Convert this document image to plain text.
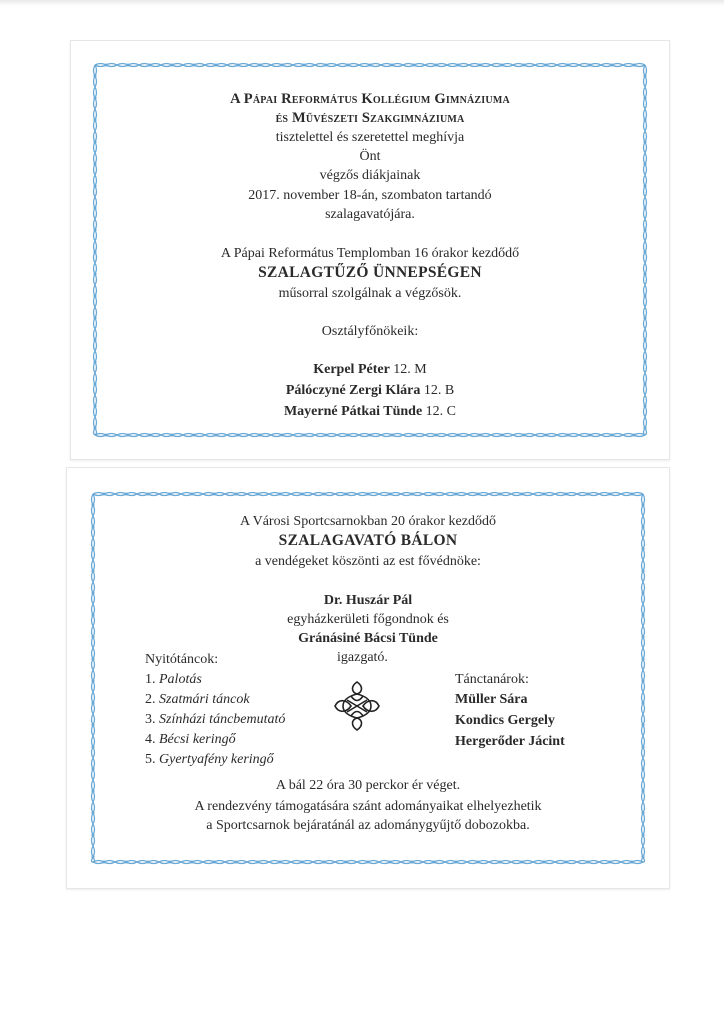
A Pápai Református Kollégium Gimnáziuma
és Művészeti Szakgimnáziuma
tisztelettel és szeretettel meghívja
Önt
végzős diákjainak
2017. november 18-án, szombaton tartandó
szalagavatójára.
A Pápai Református Templomban 16 órakor kezdődő
SZALAGTŰZŐ ÜNNEPSÉGEN
műsorral szolgálnak a végzősök.
Osztályfőnökeik:
Kerpel Péter 12. M
Pálóczyné Zergi Klára 12. B
Mayerné Pátkai Tünde 12. C
A Városi Sportcsarnokban 20 órakor kezdődő
SZALAGAVATÓ BÁLON
a vendégeket köszönti az est fővédnöke:
Dr. Huszár Pál
egyházkerületi főgondnok és
Gránásiné Bácsi Tünde
igazgató.
Nyitótáncok:
1. Palotás
2. Szatmári táncok
3. Színházi táncbemutató
4. Bécsi keringő
5. Gyertyafény keringő
Tánctanárok:
Müller Sára
Kondics Gergely
Hergerőder Jácint
A bál 22 óra 30 perckor ér véget.
A rendezvény támogatására szánt adományaikat elhelyezhetik
a Sportcsarnok bejáratánál az adománygyűjtő dobozokba.
